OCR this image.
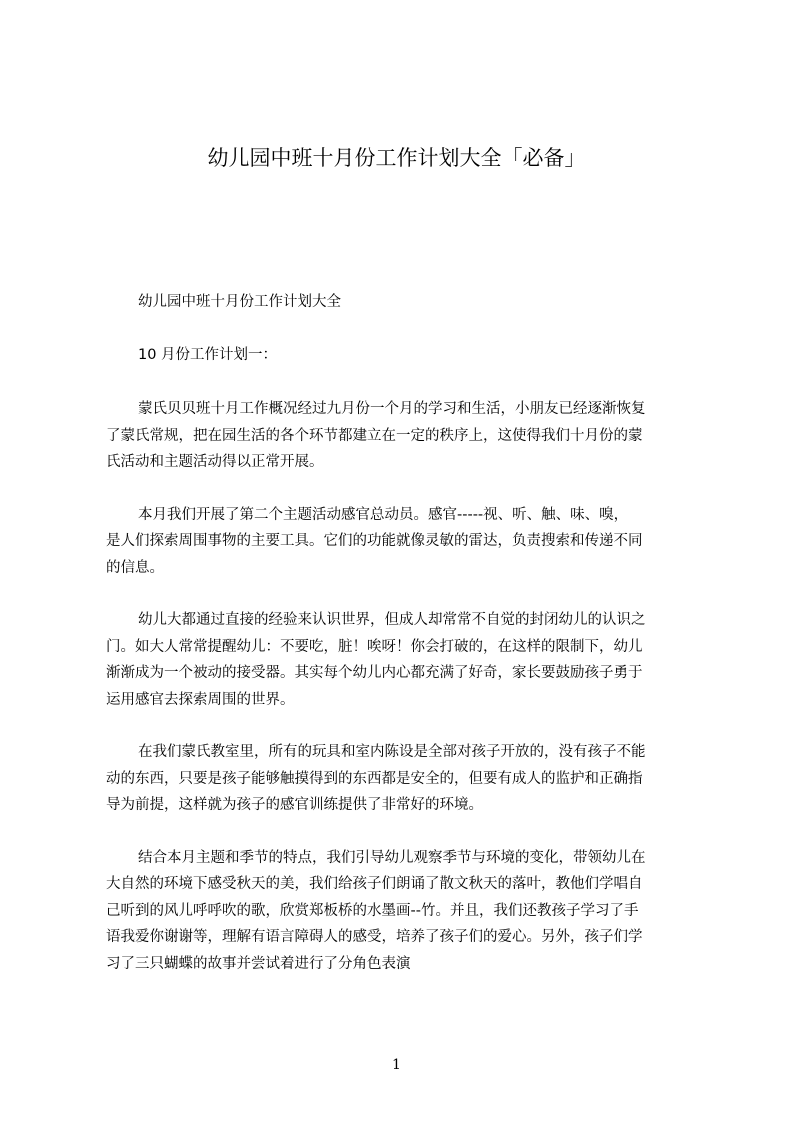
幼儿园中班十月份工作计划大全「必备」
幼儿园中班十月份工作计划大全
10 月份工作计划一：
蒙氏贝贝班十月工作概况经过九月份一个月的学习和生活，小朋友已经逐渐恢复
了蒙氏常规，把在园生活的各个环节都建立在一定的秩序上，这使得我们十月份的蒙
氏活动和主题活动得以正常开展。
本月我们开展了第二个主题活动感官总动员。感官-----视、听、触、味、嗅，
是人们探索周围事物的主要工具。它们的功能就像灵敏的雷达，负责搜索和传递不同
的信息。
幼儿大都通过直接的经验来认识世界，但成人却常常不自觉的封闭幼儿的认识之
门。如大人常常提醒幼儿：不要吃，脏！唉呀！你会打破的，在这样的限制下，幼儿
渐渐成为一个被动的接受器。其实每个幼儿内心都充满了好奇，家长要鼓励孩子勇于
运用感官去探索周围的世界。
在我们蒙氏教室里，所有的玩具和室内陈设是全部对孩子开放的，没有孩子不能
动的东西，只要是孩子能够触摸得到的东西都是安全的，但要有成人的监护和正确指
导为前提，这样就为孩子的感官训练提供了非常好的环境。
结合本月主题和季节的特点，我们引导幼儿观察季节与环境的变化，带领幼儿在
大自然的环境下感受秋天的美，我们给孩子们朗诵了散文秋天的落叶，教他们学唱自
己听到的风儿呼呼吹的歌，欣赏郑板桥的水墨画--竹。并且，我们还教孩子学习了手
语我爱你谢谢等，理解有语言障碍人的感受，培养了孩子们的爱心。另外，孩子们学
习了三只蝴蝶的故事并尝试着进行了分角色表演
1
